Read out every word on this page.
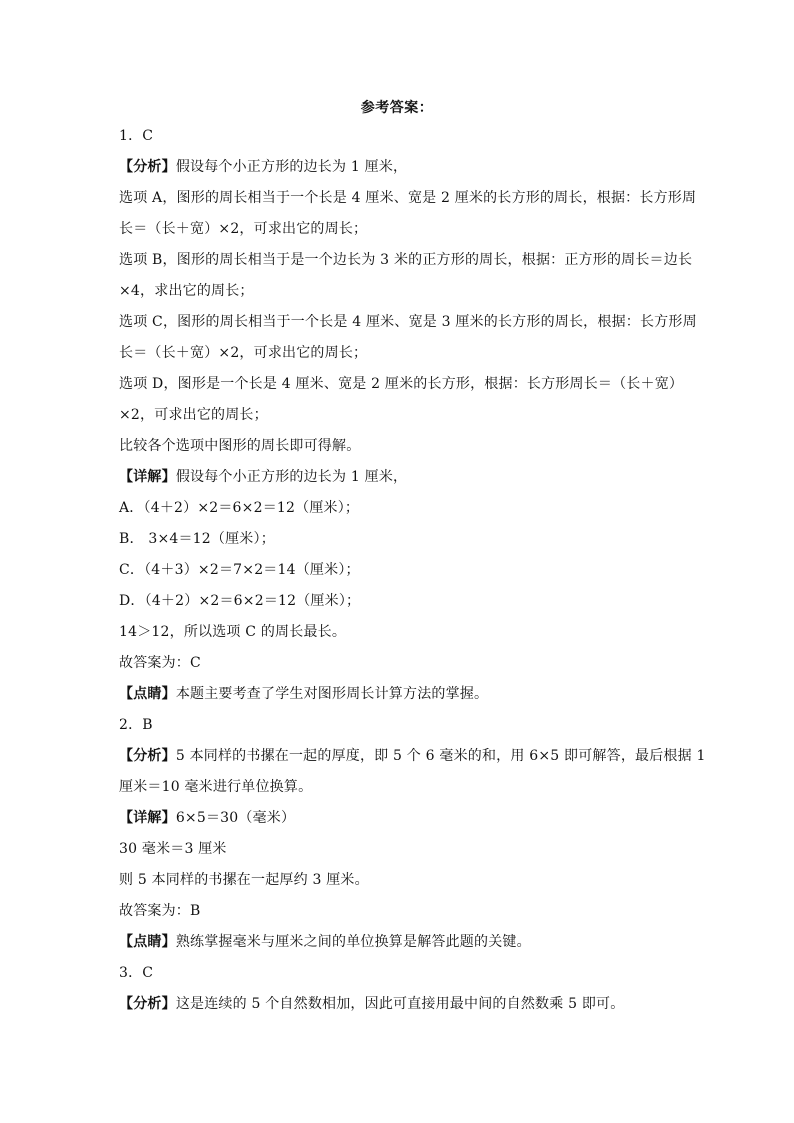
参考答案：
1．C
【分析】假设每个小正方形的边长为 1 厘米，
选项 A，图形的周长相当于一个长是 4 厘米、宽是 2 厘米的长方形的周长，根据：长方形周
长＝（长＋宽）×2，可求出它的周长；
选项 B，图形的周长相当于是一个边长为 3 米的正方形的周长，根据：正方形的周长＝边长
×4，求出它的周长；
选项 C，图形的周长相当于一个长是 4 厘米、宽是 3 厘米的长方形的周长，根据：长方形周
长＝（长＋宽）×2，可求出它的周长；
选项 D，图形是一个长是 4 厘米、宽是 2 厘米的长方形，根据：长方形周长＝（长＋宽）
×2，可求出它的周长；
比较各个选项中图形的周长即可得解。
【详解】假设每个小正方形的边长为 1 厘米，
A．（4＋2）×2＝6×2＝12（厘米）；
B． 3×4＝12（厘米）；
C．（4＋3）×2＝7×2＝14（厘米）；
D．（4＋2）×2＝6×2＝12（厘米）；
14＞12，所以选项 C 的周长最长。
故答案为：C
【点睛】本题主要考查了学生对图形周长计算方法的掌握。
2．B
【分析】5 本同样的书摞在一起的厚度，即 5 个 6 毫米的和，用 6×5 即可解答，最后根据 1
厘米＝10 毫米进行单位换算。
【详解】6×5＝30（毫米）
30 毫米＝3 厘米
则 5 本同样的书摞在一起厚约 3 厘米。
故答案为：B
【点睛】熟练掌握毫米与厘米之间的单位换算是解答此题的关键。
3．C
【分析】这是连续的 5 个自然数相加，因此可直接用最中间的自然数乘 5 即可。
